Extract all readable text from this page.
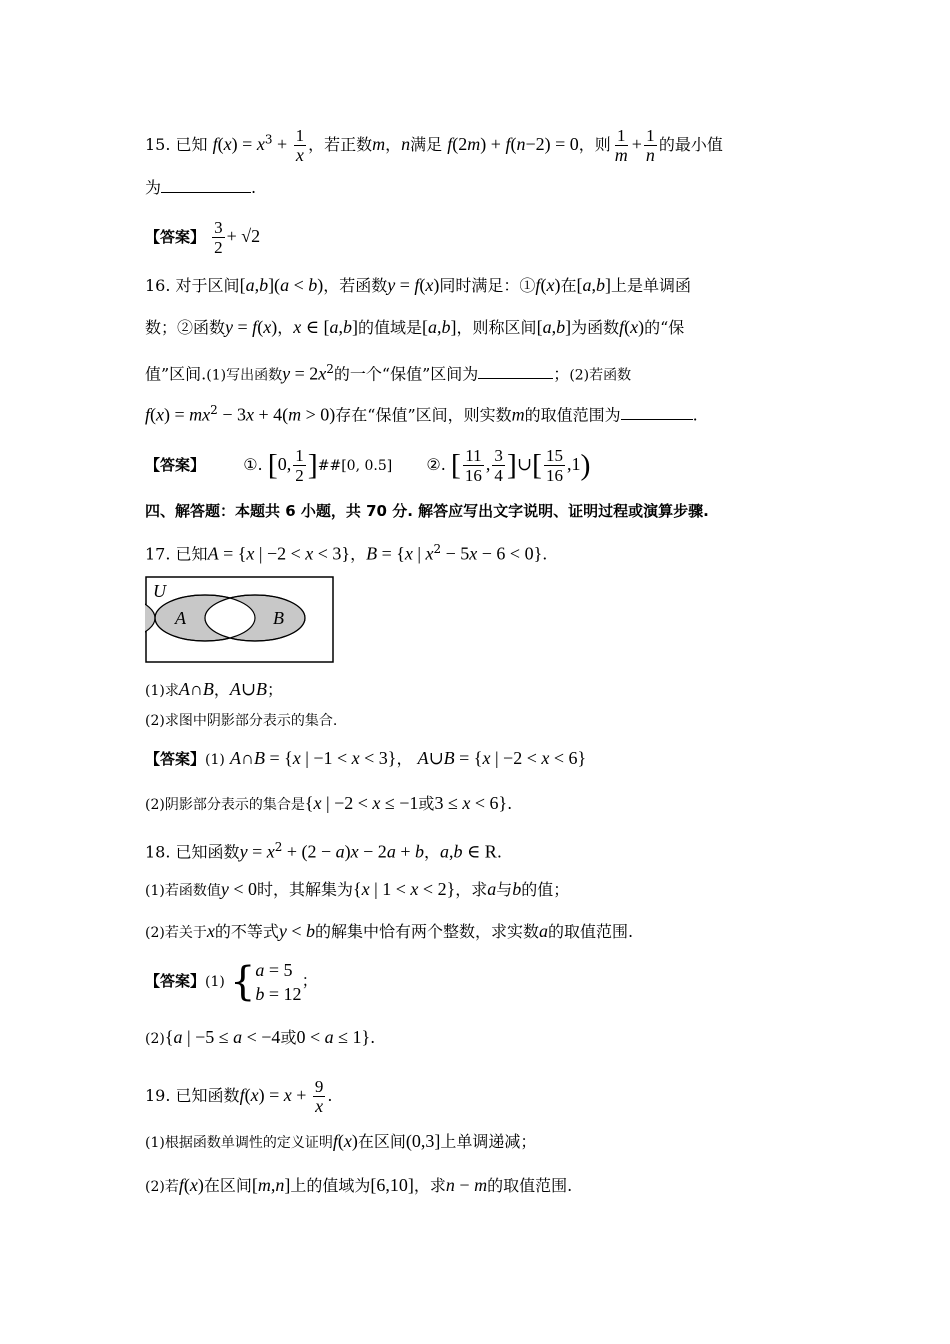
15. 已知 $f(x) = x^3 + \frac{1}{x}$ ，若正数m，n满足 f(2m) + f(n−2) = 0，则 $\frac{1}{m} + \frac{1}{n}$ 的最小值
为	.
【答案】 $\frac{3}{2} + √2$
16. 对于区间[a,b](a < b)，若函数y = f(x)同时满足：①f(x)在[a,b]上是单调函
数；②函数y = f(x)，x ∈ [a,b]的值域是[a,b]，则称区间[a,b]为函数f(x)的“保
值”区间.(1)写出函数$y = 2x^2$的一个“保值”区间为	；(2)若函数
$f(x) = mx^2 - 3x + 4(m > 0)$存在“保值”区间，则实数m的取值范围为	.
【答案】 ①. [0, $\frac{1}{2}$ ]##[0, 0.5] ②. [ $\frac{11}{16}$ , $\frac{3}{4}$ ]∪[ $\frac{15}{16} ,1$)
四、解答题：本题共 6 小题，共 70 分. 解答应写出文字说明、证明过程或演算步骤.
17. 已知A = {x | −2 < x < 3}，B = {x | $x^2 - 5x - 6 < 0$}.
U
A	B
(1)求A∩B，A∪B；
(2)求图中阴影部分表示的集合.
【答案】(1) A∩B = {x | −1 < x < 3}， A∪B = {x | −2 < x < 6}
(2)阴影部分表示的集合是{x | −2 < x ≤ −1或3 ≤ x < 6}.
18. 已知函数$y = x^2 + (2 - a)x - 2a + b$，a,b ∈ R.
(1)若函数值y < 0时，其解集为{x | 1 < x < 2}，求a与b的值；
(2)若关于x的不等式y < b的解集中恰有两个整数，求实数a的取值范围.
【答案】(1) { a = 5
b = 12
；
(2){a | −5 ≤ a < −4或0 < a ≤ 1}.
19. 已知函数$f(x) = x + \frac{9}{x}$ .
(1)根据函数单调性的定义证明f(x)在区间(0,3]上单调递减；
(2)若f(x)在区间[m,n]上的值域为[6,10]，求n − m的取值范围.
